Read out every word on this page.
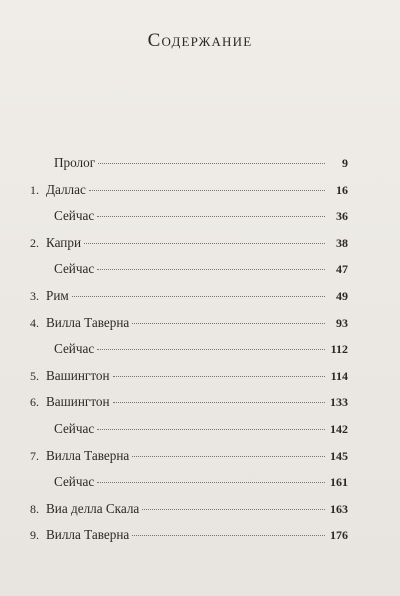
Содержание
Пролог	9
1. Даллас	16
Сейчас	36
2. Капри	38
Сейчас	47
3. Рим	49
4. Вилла Таверна	93
Сейчас	112
5. Вашингтон	114
6. Вашингтон	133
Сейчас	142
7. Вилла Таверна	145
Сейчас	161
8. Виа делла Скала	163
9. Вилла Таверна	176
